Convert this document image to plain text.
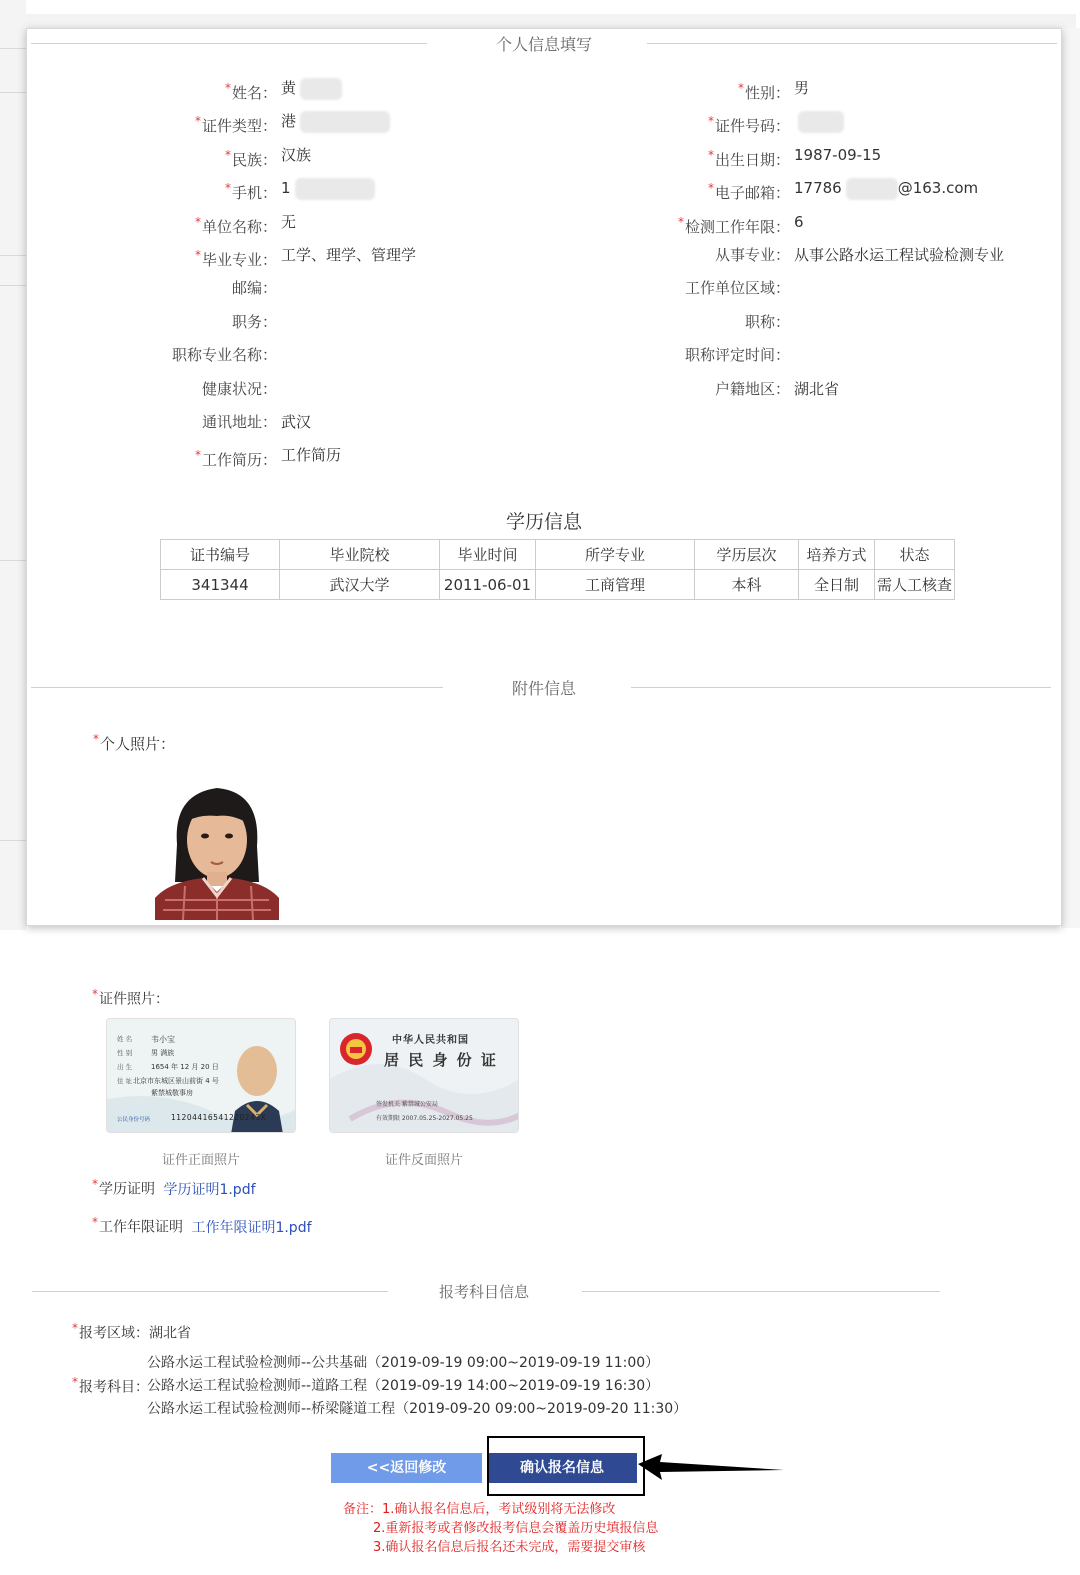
个人信息填写
*姓名： 黄
*证件类型： 港
*民族： 汉族
*手机： 1
*单位名称： 无
*毕业专业： 工学、理学、管理学
邮编：
职务：
职称专业名称：
健康状况：
通讯地址： 武汉
*工作简历： 工作简历
*性别： 男
*证件号码：
*出生日期： 1987-09-15
*电子邮箱： 17786	@163.com
*检测工作年限： 6
从事专业： 从事公路水运工程试验检测专业
工作单位区域：
职称：
职称评定时间：
户籍地区： 湖北省
学历信息
证书编号	毕业院校	毕业时间	所学专业	学历层次	培养方式	状态
341344	武汉大学	2011-06-01	工商管理	本科	全日制	需人工核查
附件信息
*个人照片：
*证件照片：
姓 名
性 别
出 生
住 址
公民身份号码
韦小宝
男 满族
1654 年 12 月 20 日
北京市东城区景山前街 4 号
紫禁城敬事房
11204416541220243X
证件正面照片
中华人民共和国
居 民 身 份 证
签发机关 紫禁城公安局
有效期限 2007.05.25-2027.05.25
证件反面照片
*学历证明 学历证明1.pdf
*工作年限证明 工作年限证明1.pdf
报考科目信息
*报考区域：湖北省
*报考科目：
公路水运工程试验检测师--公共基础（2019-09-19 09:00~2019-09-19 11:00）
公路水运工程试验检测师--道路工程（2019-09-19 14:00~2019-09-19 16:30）
公路水运工程试验检测师--桥梁隧道工程（2019-09-20 09:00~2019-09-20 11:30）
<<返回修改	确认报名信息
备注：1.确认报名信息后，考试级别将无法修改
2.重新报考或者修改报考信息会覆盖历史填报信息
3.确认报名信息后报名还未完成，需要提交审核
